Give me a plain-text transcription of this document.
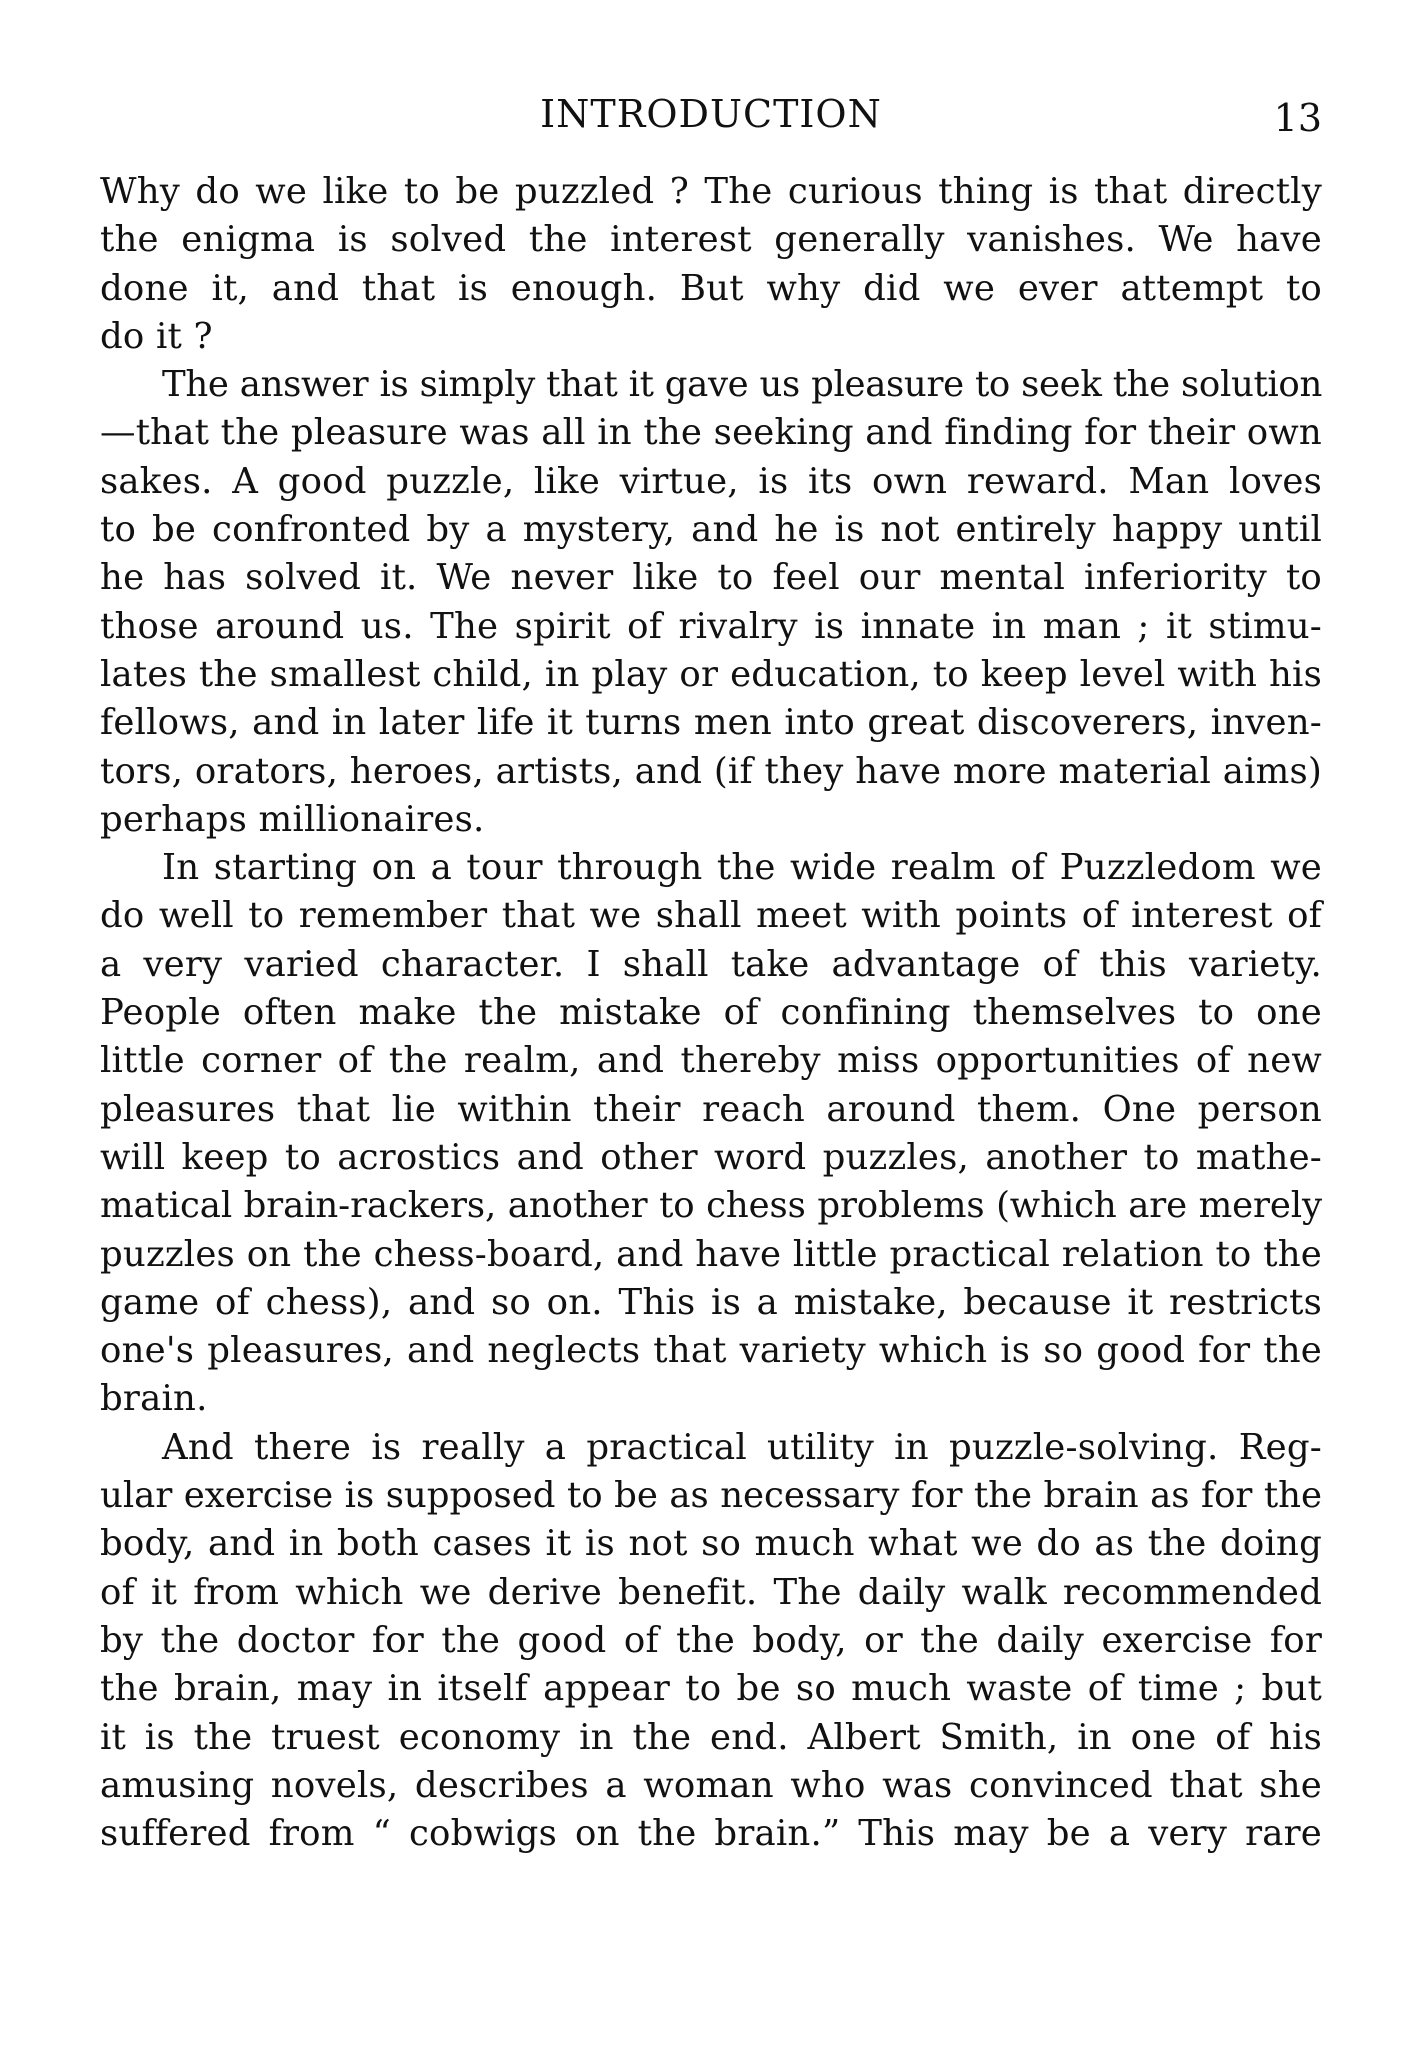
INTRODUCTION	13
Why do we like to be puzzled ? The curious thing is that directly
the enigma is solved the interest generally vanishes. We have
done it, and that is enough. But why did we ever attempt to
do it ?
The answer is simply that it gave us pleasure to seek the solution
—that the pleasure was all in the seeking and finding for their own
sakes. A good puzzle, like virtue, is its own reward. Man loves
to be confronted by a mystery, and he is not entirely happy until
he has solved it. We never like to feel our mental inferiority to
those around us. The spirit of rivalry is innate in man ; it stimu-
lates the smallest child, in play or education, to keep level with his
fellows, and in later life it turns men into great discoverers, inven-
tors, orators, heroes, artists, and (if they have more material aims)
perhaps millionaires.
In starting on a tour through the wide realm of Puzzledom we
do well to remember that we shall meet with points of interest of
a very varied character. I shall take advantage of this variety.
People often make the mistake of confining themselves to one
little corner of the realm, and thereby miss opportunities of new
pleasures that lie within their reach around them. One person
will keep to acrostics and other word puzzles, another to mathe-
matical brain-rackers, another to chess problems (which are merely
puzzles on the chess-board, and have little practical relation to the
game of chess), and so on. This is a mistake, because it restricts
one's pleasures, and neglects that variety which is so good for the
brain.
And there is really a practical utility in puzzle-solving. Reg-
ular exercise is supposed to be as necessary for the brain as for the
body, and in both cases it is not so much what we do as the doing
of it from which we derive benefit. The daily walk recommended
by the doctor for the good of the body, or the daily exercise for
the brain, may in itself appear to be so much waste of time ; but
it is the truest economy in the end. Albert Smith, in one of his
amusing novels, describes a woman who was convinced that she
suffered from “ cobwigs on the brain.” This may be a very rare
